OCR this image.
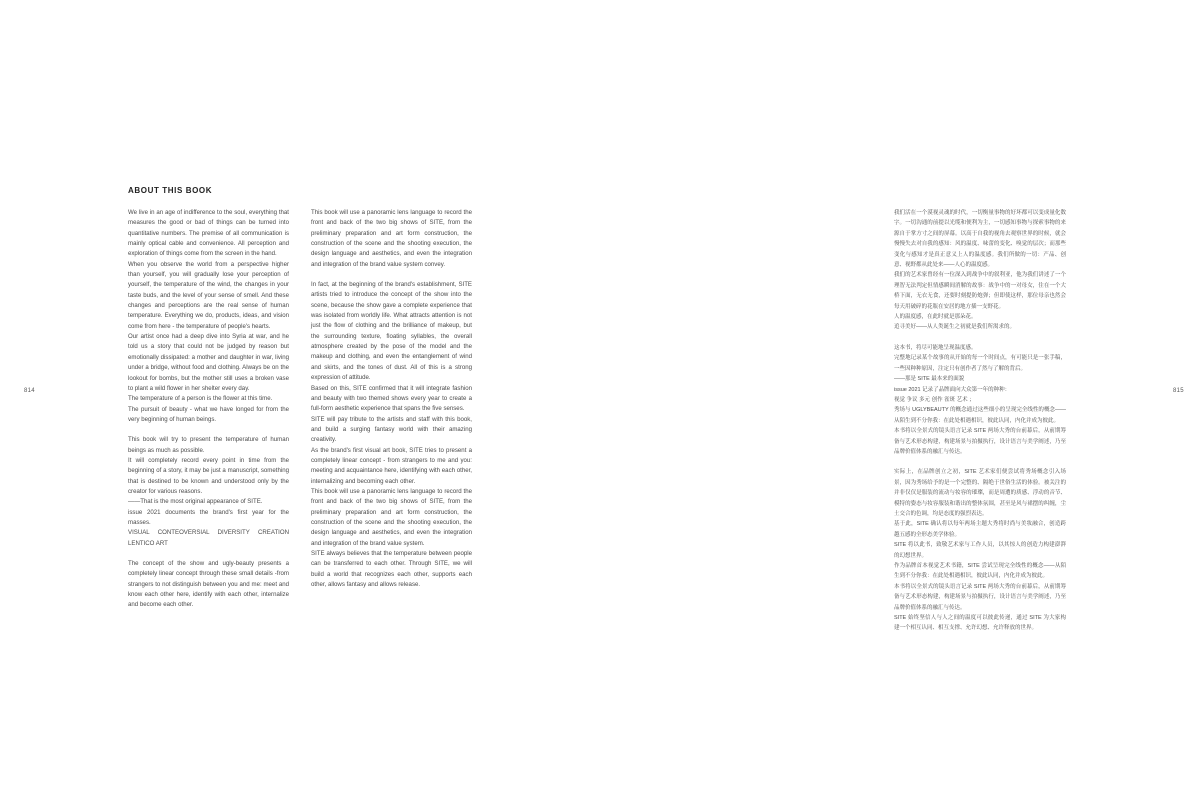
814	815
ABOUT THIS BOOK

We live in an age of indifference to the soul, everything that measures the good or bad of things can be turned into quantitative numbers. The premise of all communication is mainly optical cable and convenience. All perception and exploration of things come from the screen in the hand.

When you observe the world from a perspective higher than yourself, you will gradually lose your perception of yourself, the temperature of the wind, the changes in your taste buds, and the level of your sense of smell. And these changes and perceptions are the real sense of human temperature. Everything we do, products, ideas, and vision come from here - the temperature of people's hearts.

Our artist once had a deep dive into Syria at war, and he told us a story that could not be judged by reason but emotionally dissipated: a mother and daughter in war, living under a bridge, without food and clothing. Always be on the lookout for bombs, but the mother still uses a broken vase to plant a wild flower in her shelter every day.

The temperature of a person is the flower at this time.

The pursuit of beauty - what we have longed for from the very beginning of human beings.

This book will try to present the temperature of human beings as much as possible.

It will completely record every point in time from the beginning of a story, it may be just a manuscript, something that is destined to be known and understood only by the creator for various reasons.

——That is the most original appearance of SITE.

issue 2021 documents the brand's first year for the masses.

VISUAL CONTEOVERSIAL DIVERSITY CREATION LENTICO ART

The concept of the show and ugly-beauty presents a completely linear concept through these small details -from strangers to not distinguish between you and me: meet and know each other here, identify with each other, internalize and become each other.

This book will use a panoramic lens language to record the front and back of the two big shows of SITE, from the preliminary preparation and art form construction, the construction of the scene and the shooting execution, the design language and aesthetics, and even the integration and integration of the brand value system convey.

In fact, at the beginning of the brand's establishment, SITE artists tried to introduce the concept of the show into the scene, because the show gave a complete experience that was isolated from worldly life. What attracts attention is not just the flow of clothing and the brilliance of makeup, but the surrounding texture, floating syllables, the overall atmosphere created by the pose of the model and the makeup and clothing, and even the entanglement of wind and skirts, and the tones of dust. All of this is a strong expression of attitude.

Based on this, SITE confirmed that it will integrate fashion and beauty with two themed shows every year to create a full-form aesthetic experience that spans the five senses.

SITE will pay tribute to the artists and staff with this book, and build a surging fantasy world with their amazing creativity.

As the brand's first visual art book, SITE tries to present a completely linear concept - from strangers to me and you: meeting and acquaintance here, identifying with each other, internalizing and becoming each other.

This book will use a panoramic lens language to record the front and back of the two big shows of SITE, from the preliminary preparation and art form construction, the construction of the scene and the shooting execution, the design language and aesthetics, and even the integration and integration of the brand value system.

SITE always believes that the temperature between people can be transferred to each other. Through SITE, we will build a world that recognizes each other, supports each other, allows fantasy and allows release.

我们活在一个漠视灵魂的时代，一切衡量事物的好坏都可以变成量化数字。一切沟通的前提以光缆和便利为主，一切感知事物与探索事物的来源自于掌方寸之间的屏幕。以高于自我的视角去观察世界的时候，就会慢慢失去对自我的感知：风的温度、味蕾的变化、嗅觉的层次；而那些变化与感知才是真正意义上人的温度感。我们所做的一切：产品、创意、视野都从此处来——人心的温度感。

我们的艺术家曾经有一位深入到战争中的叙利亚，他为我们讲述了一个理智无法判定但情感瞬间消解的故事：战争中的一对母女，住在一个大桥下面，无衣无食，还要时刻提防炮弹；但即使这样，那位母亲也然会每天用破碎的花瓶在安居的地方插一支野花。

人的温度感，在此时就是那朵花。

追寻美好——从人类诞生之初就是我们所渴求的。

这本书，将尽可能地呈现温度感。

完整地记录某个故事的从开始的每一个时间点，有可能只是一张手稿，一些因种种原因，注定只有创作者了然与了解的背后。

——那是 SITE 最本来的面貌

issue 2021 记录了品牌面向大众第一年的种种：

视觉 争议 多元 创作 雀斑 艺术 ；

秀场与 UGLYBEAUTY 的概念通过这些细小的呈现完全线性的概念——从陌生到不分你我：在此处相遇相识，彼此认同，内化并成为彼此。

本书将以全景式的镜头语言记录 SITE 两场大秀的台前幕后，从前期筹备与艺术形态构建，构建场景与拍摄执行，设计语言与美学阐述，乃至品牌价值体系的融汇与传达。

实际上，在品牌创立之初，SITE 艺术家们便尝试将秀场概念引入场景，因为秀场给予的是一个完整的、隔绝于世俗生活的体验。被关注的并非仅仅是服装的流动与妆容的璀璨，而是周遭的质感、浮动的音节、模特的姿态与妆容服装和谐出的整体氛围，甚至是风与裙摆的纠缠，尘土交合的色调，均是态度的强烈表达。

基于此，SITE 确认将以每年两场主题大秀将时尚与美妆融合，创造跨越五感的全形态美学体验。

SITE 将以此书，致敬艺术家与工作人员，以其惊人的创造力构建澎湃的幻想世界。

作为品牌首本视觉艺术书籍，SITE 尝试呈现完全线性的概念——从陌生到不分你我：在此处相遇相识，彼此认同，内化并成为彼此。

本书将以全景式的镜头语言记录 SITE 两场大秀的台前幕后，从前期筹备与艺术形态构建，构建场景与拍摄执行，设计语言与美学阐述，乃至品牌价值体系的融汇与传达。

SITE 始终坚信人与人之间的温度可以彼此传递，通过 SITE 为大家构建一个相互认同、相互支撑、允许幻想、允许释放的世界。
